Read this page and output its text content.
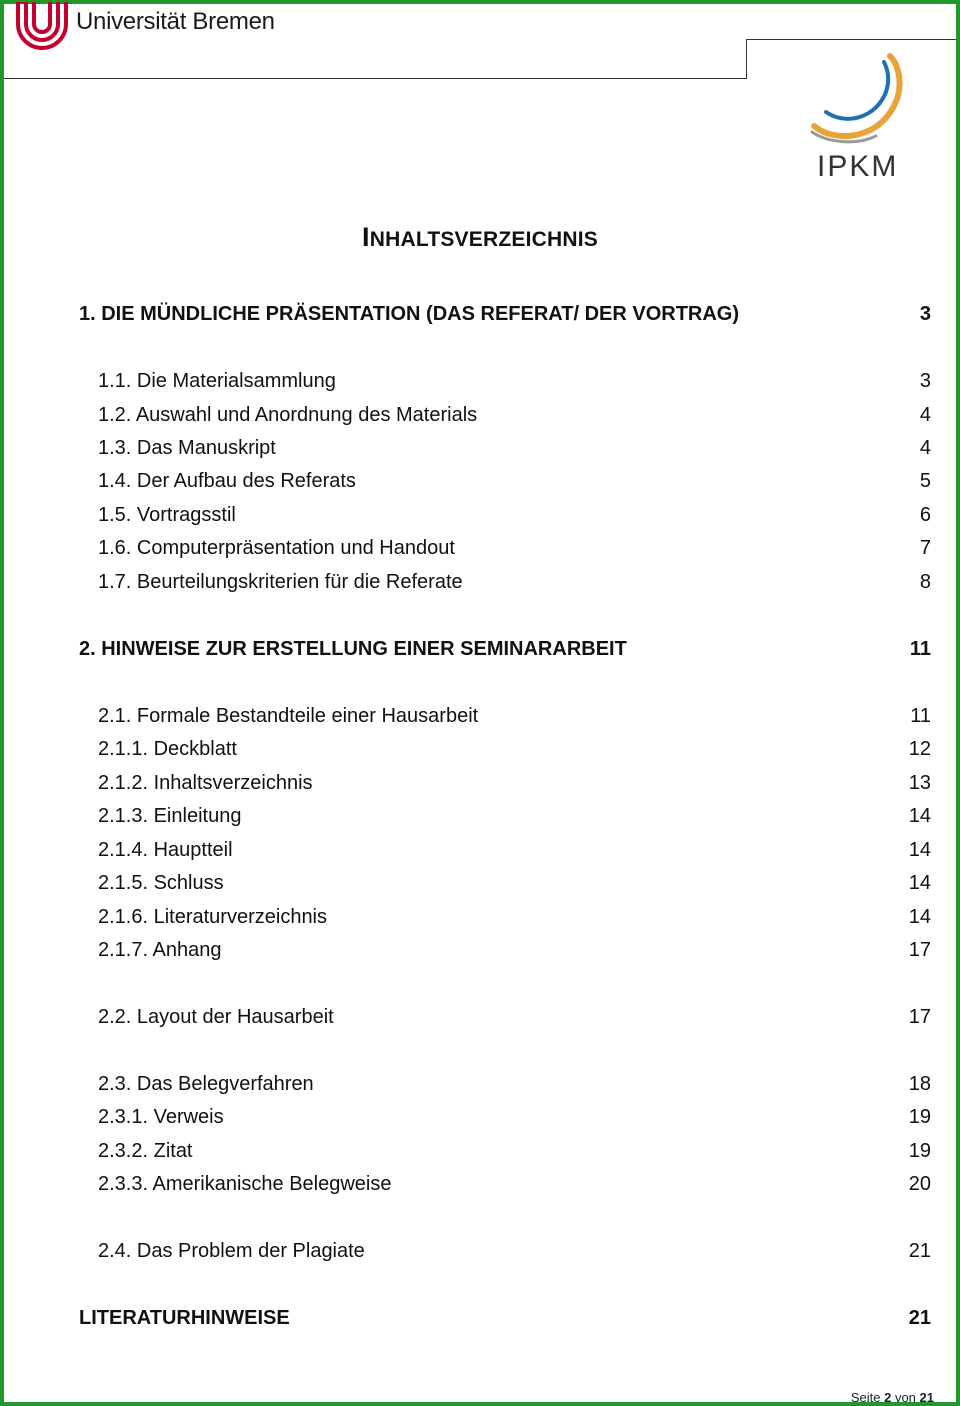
Universität Bremen
IPKM
INHALTSVERZEICHNIS
1. DIE MÜNDLICHE PRÄSENTATION (DAS REFERAT/ DER VORTRAG)	3
1.1. Die Materialsammlung	3
1.2. Auswahl und Anordnung des Materials	4
1.3. Das Manuskript	4
1.4. Der Aufbau des Referats	5
1.5. Vortragsstil	6
1.6. Computerpräsentation und Handout	7
1.7. Beurteilungskriterien für die Referate	8
2. HINWEISE ZUR ERSTELLUNG EINER SEMINARARBEIT	11
2.1. Formale Bestandteile einer Hausarbeit	11
2.1.1. Deckblatt	12
2.1.2. Inhaltsverzeichnis	13
2.1.3. Einleitung	14
2.1.4. Hauptteil	14
2.1.5. Schluss	14
2.1.6. Literaturverzeichnis	14
2.1.7. Anhang	17
2.2. Layout der Hausarbeit	17
2.3. Das Belegverfahren	18
2.3.1. Verweis	19
2.3.2. Zitat	19
2.3.3. Amerikanische Belegweise	20
2.4. Das Problem der Plagiate	21
LITERATURHINWEISE	21
Seite 2 von 21
